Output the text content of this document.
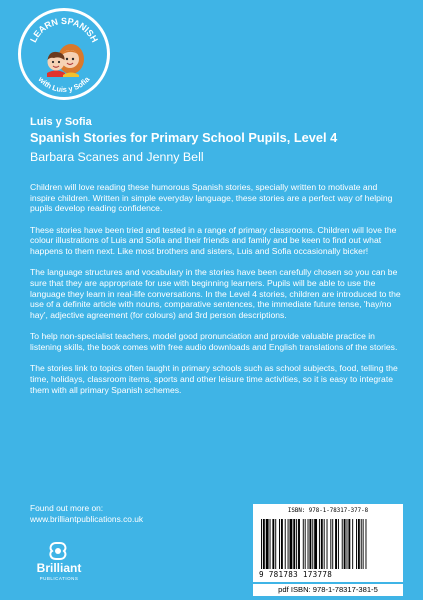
LEARN SPANISH
with Luis y Sofia
Luis y Sofia
Spanish Stories for Primary School Pupils, Level 4
Barbara Scanes and Jenny Bell

Children will love reading these humorous Spanish stories, specially written to motivate and inspire children. Written in simple everyday language, these stories are a perfect way of helping pupils develop reading confidence.

These stories have been tried and tested in a range of primary classrooms. Children will love the colour illustrations of Luis and Sofia and their friends and family and be keen to find out what happens to them next. Like most brothers and sisters, Luis and Sofia occasionally bicker!

The language structures and vocabulary in the stories have been carefully chosen so you can be sure that they are appropriate for use with beginning learners. Pupils will be able to use the language they learn in real-life conversations. In the Level 4 stories, children are introduced to the use of a definite article with nouns, comparative sentences, the immediate future tense, 'hay/no hay', adjective agreement (for colours) and 3rd person descriptions.

To help non-specialist teachers, model good pronunciation and provide valuable practice in listening skills, the book comes with free audio downloads and English translations of the stories.

The stories link to topics often taught in primary schools such as school subjects, food, telling the time, holidays, classroom items, sports and other leisure time activities, so it is easy to integrate them with all primary Spanish schemes.

Found out more on:
www.brilliantpublications.co.uk
Brilliant
PUBLICATIONS
ISBN: 978-1-78317-377-8
9 781783 173778
pdf ISBN: 978-1-78317-381-5
